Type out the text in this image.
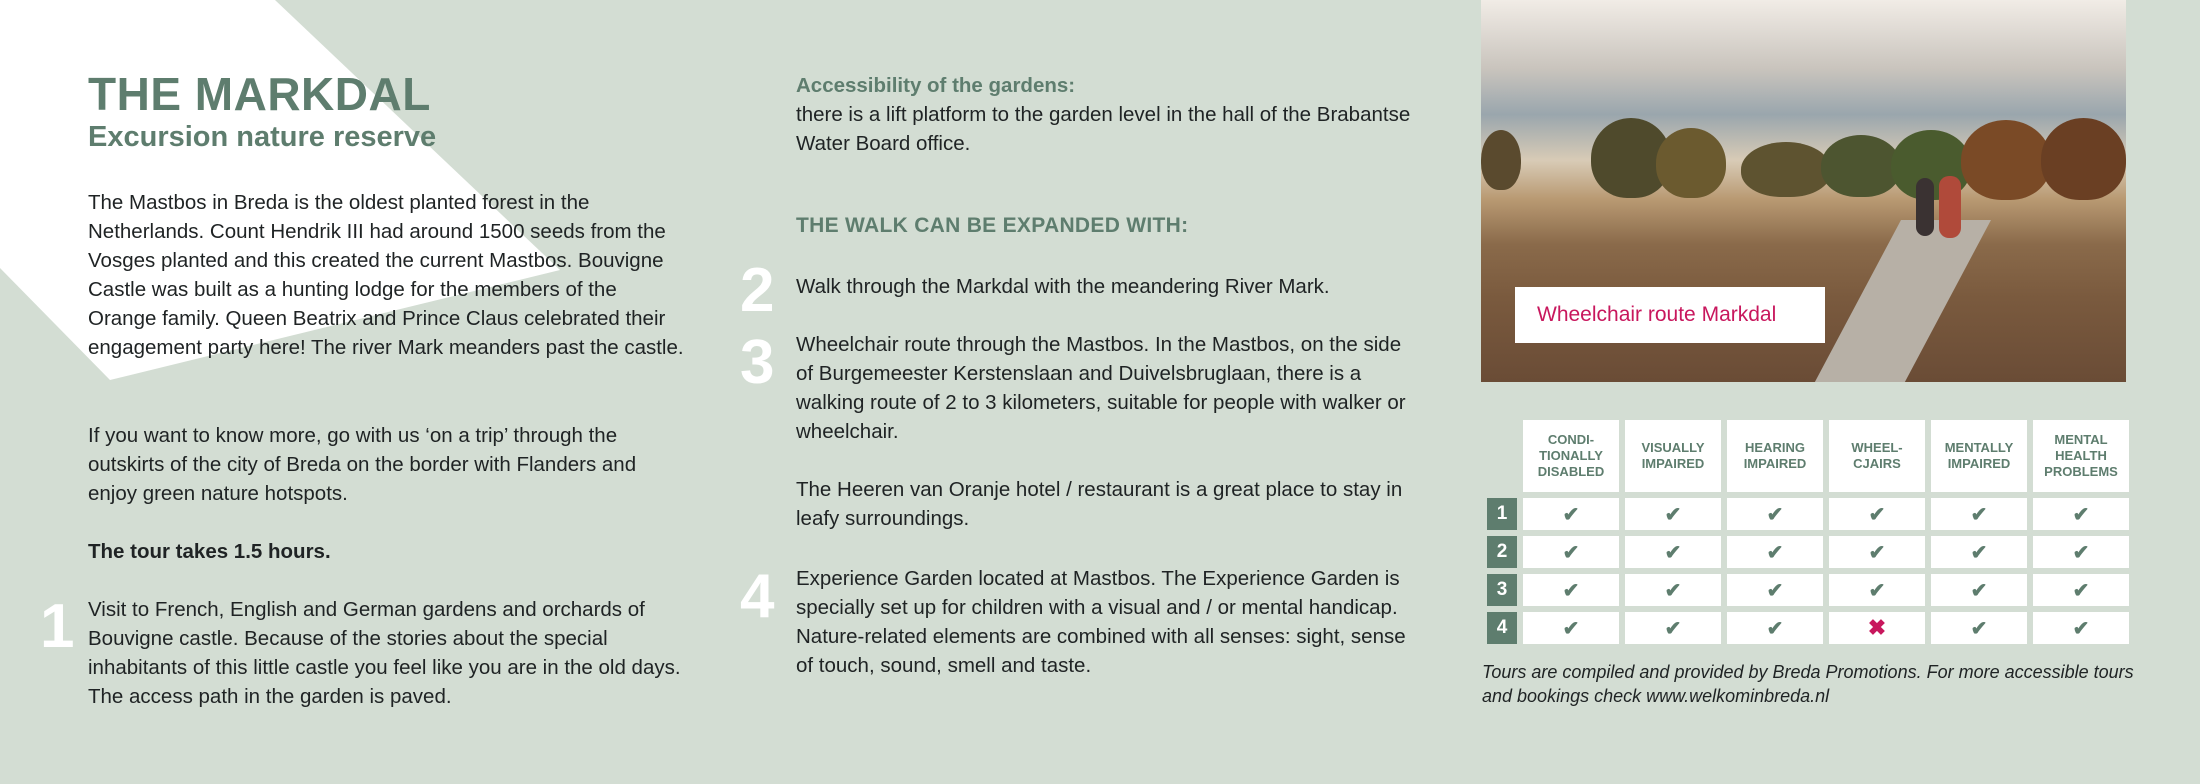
THE MARKDAL
Excursion nature reserve

The Mastbos in Breda is the oldest planted forest in the Netherlands. Count Hendrik III had around 1500 seeds from the Vosges planted and this created the current Mastbos. Bouvigne Castle was built as a hunting lodge for the members of the Orange family. Queen Beatrix and Prince Claus celebrated their engagement party here! The river Mark meanders past the castle.

If you want to know more, go with us ‘on a trip’ through the outskirts of the city of Breda on the border with Flanders and enjoy green nature hotspots.

The tour takes 1.5 hours.

Visit to French, English and German gardens and orchards of Bouvigne castle. Because of the stories about the special inhabitants of this little castle you feel like you are in the old days. The access path in the garden is paved.

1
2
3
4

Accessibility of the gardens:

there is a lift platform to the garden level in the hall of the Brabantse Water Board office.

THE WALK CAN BE EXPANDED WITH:

Walk through the Markdal with the meandering River Mark.

Wheelchair route through the Mastbos. In the Mastbos, on the side of Burgemeester Kerstenslaan and Duivelsbruglaan, there is a walking route of 2 to 3 kilometers, suitable for people with walker or wheelchair.

The Heeren van Oranje hotel / restaurant is a great place to stay in leafy surroundings.

Experience Garden located at Mastbos. The Experience Garden is specially set up for children with a visual and / or mental handicap. Nature-related elements are combined with all senses: sight, sense of touch, sound, smell and taste.

Wheelchair route Markdal
	CONDI-TIONALLY DISABLED	VISUALLY IMPAIRED	HEARING IMPAIRED	WHEEL-CJAIRS	MENTALLY IMPAIRED	MENTAL HEALTH PROBLEMS
1	✔	✔	✔	✔	✔	✔
2	✔	✔	✔	✔	✔	✔
3	✔	✔	✔	✔	✔	✔
4	✔	✔	✔	✖	✔	✔

Tours are compiled and provided by Breda Promotions. For more accessible tours and bookings check www.welkominbreda.nl
